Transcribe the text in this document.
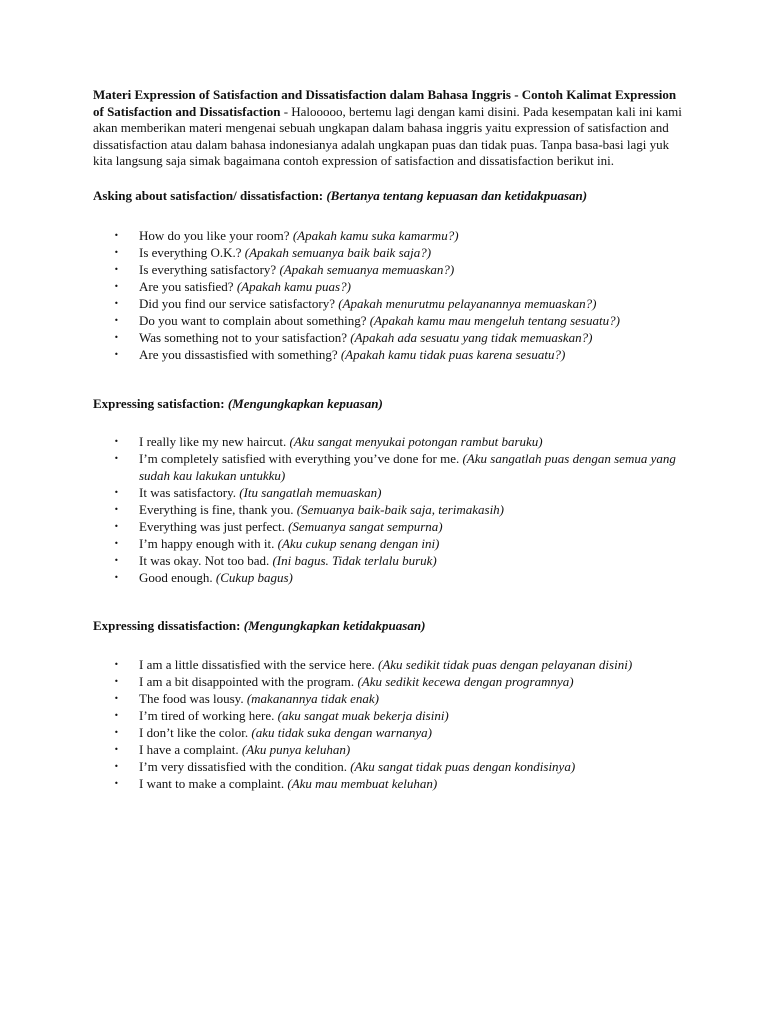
Materi Expression of Satisfaction and Dissatisfaction dalam Bahasa Inggris - Contoh Kalimat Expression of Satisfaction and Dissatisfaction - Halooooo, bertemu lagi dengan kami disini. Pada kesempatan kali ini kami akan memberikan materi mengenai sebuah ungkapan dalam bahasa inggris yaitu expression of satisfaction and dissatisfaction atau dalam bahasa indonesianya adalah ungkapan puas dan tidak puas. Tanpa basa-basi lagi yuk kita langsung saja simak bagaimana contoh expression of satisfaction and dissatisfaction berikut ini.

Asking about satisfaction/ dissatisfaction: (Bertanya tentang kepuasan dan ketidakpuasan)

•	How do you like your room? (Apakah kamu suka kamarmu?)
•	Is everything O.K.? (Apakah semuanya baik baik saja?)
•	Is everything satisfactory? (Apakah semuanya memuaskan?)
•	Are you satisfied? (Apakah kamu puas?)
•	Did you find our service satisfactory? (Apakah menurutmu pelayanannya memuaskan?)
•	Do you want to complain about something? (Apakah kamu mau mengeluh tentang sesuatu?)
•	Was something not to your satisfaction? (Apakah ada sesuatu yang tidak memuaskan?)
•	Are you dissastisfied with something? (Apakah kamu tidak puas karena sesuatu?)

Expressing satisfaction: (Mengungkapkan kepuasan)

•	I really like my new haircut. (Aku sangat menyukai potongan rambut baruku)
•	I’m completely satisfied with everything you’ve done for me. (Aku sangatlah puas dengan semua yang sudah kau lakukan untukku)
•	It was satisfactory. (Itu sangatlah memuaskan)
•	Everything is fine, thank you. (Semuanya baik-baik saja, terimakasih)
•	Everything was just perfect. (Semuanya sangat sempurna)
•	I’m happy enough with it. (Aku cukup senang dengan ini)
•	It was okay. Not too bad. (Ini bagus. Tidak terlalu buruk)
•	Good enough. (Cukup bagus)

Expressing dissatisfaction: (Mengungkapkan ketidakpuasan)

•	I am a little dissatisfied with the service here. (Aku sedikit tidak puas dengan pelayanan disini)
•	I am a bit disappointed with the program. (Aku sedikit kecewa dengan programnya)
•	The food was lousy. (makanannya tidak enak)
•	I’m tired of working here. (aku sangat muak bekerja disini)
•	I don’t like the color. (aku tidak suka dengan warnanya)
•	I have a complaint. (Aku punya keluhan)
•	I’m very dissatisfied with the condition. (Aku sangat tidak puas dengan kondisinya)
•	I want to make a complaint. (Aku mau membuat keluhan)
